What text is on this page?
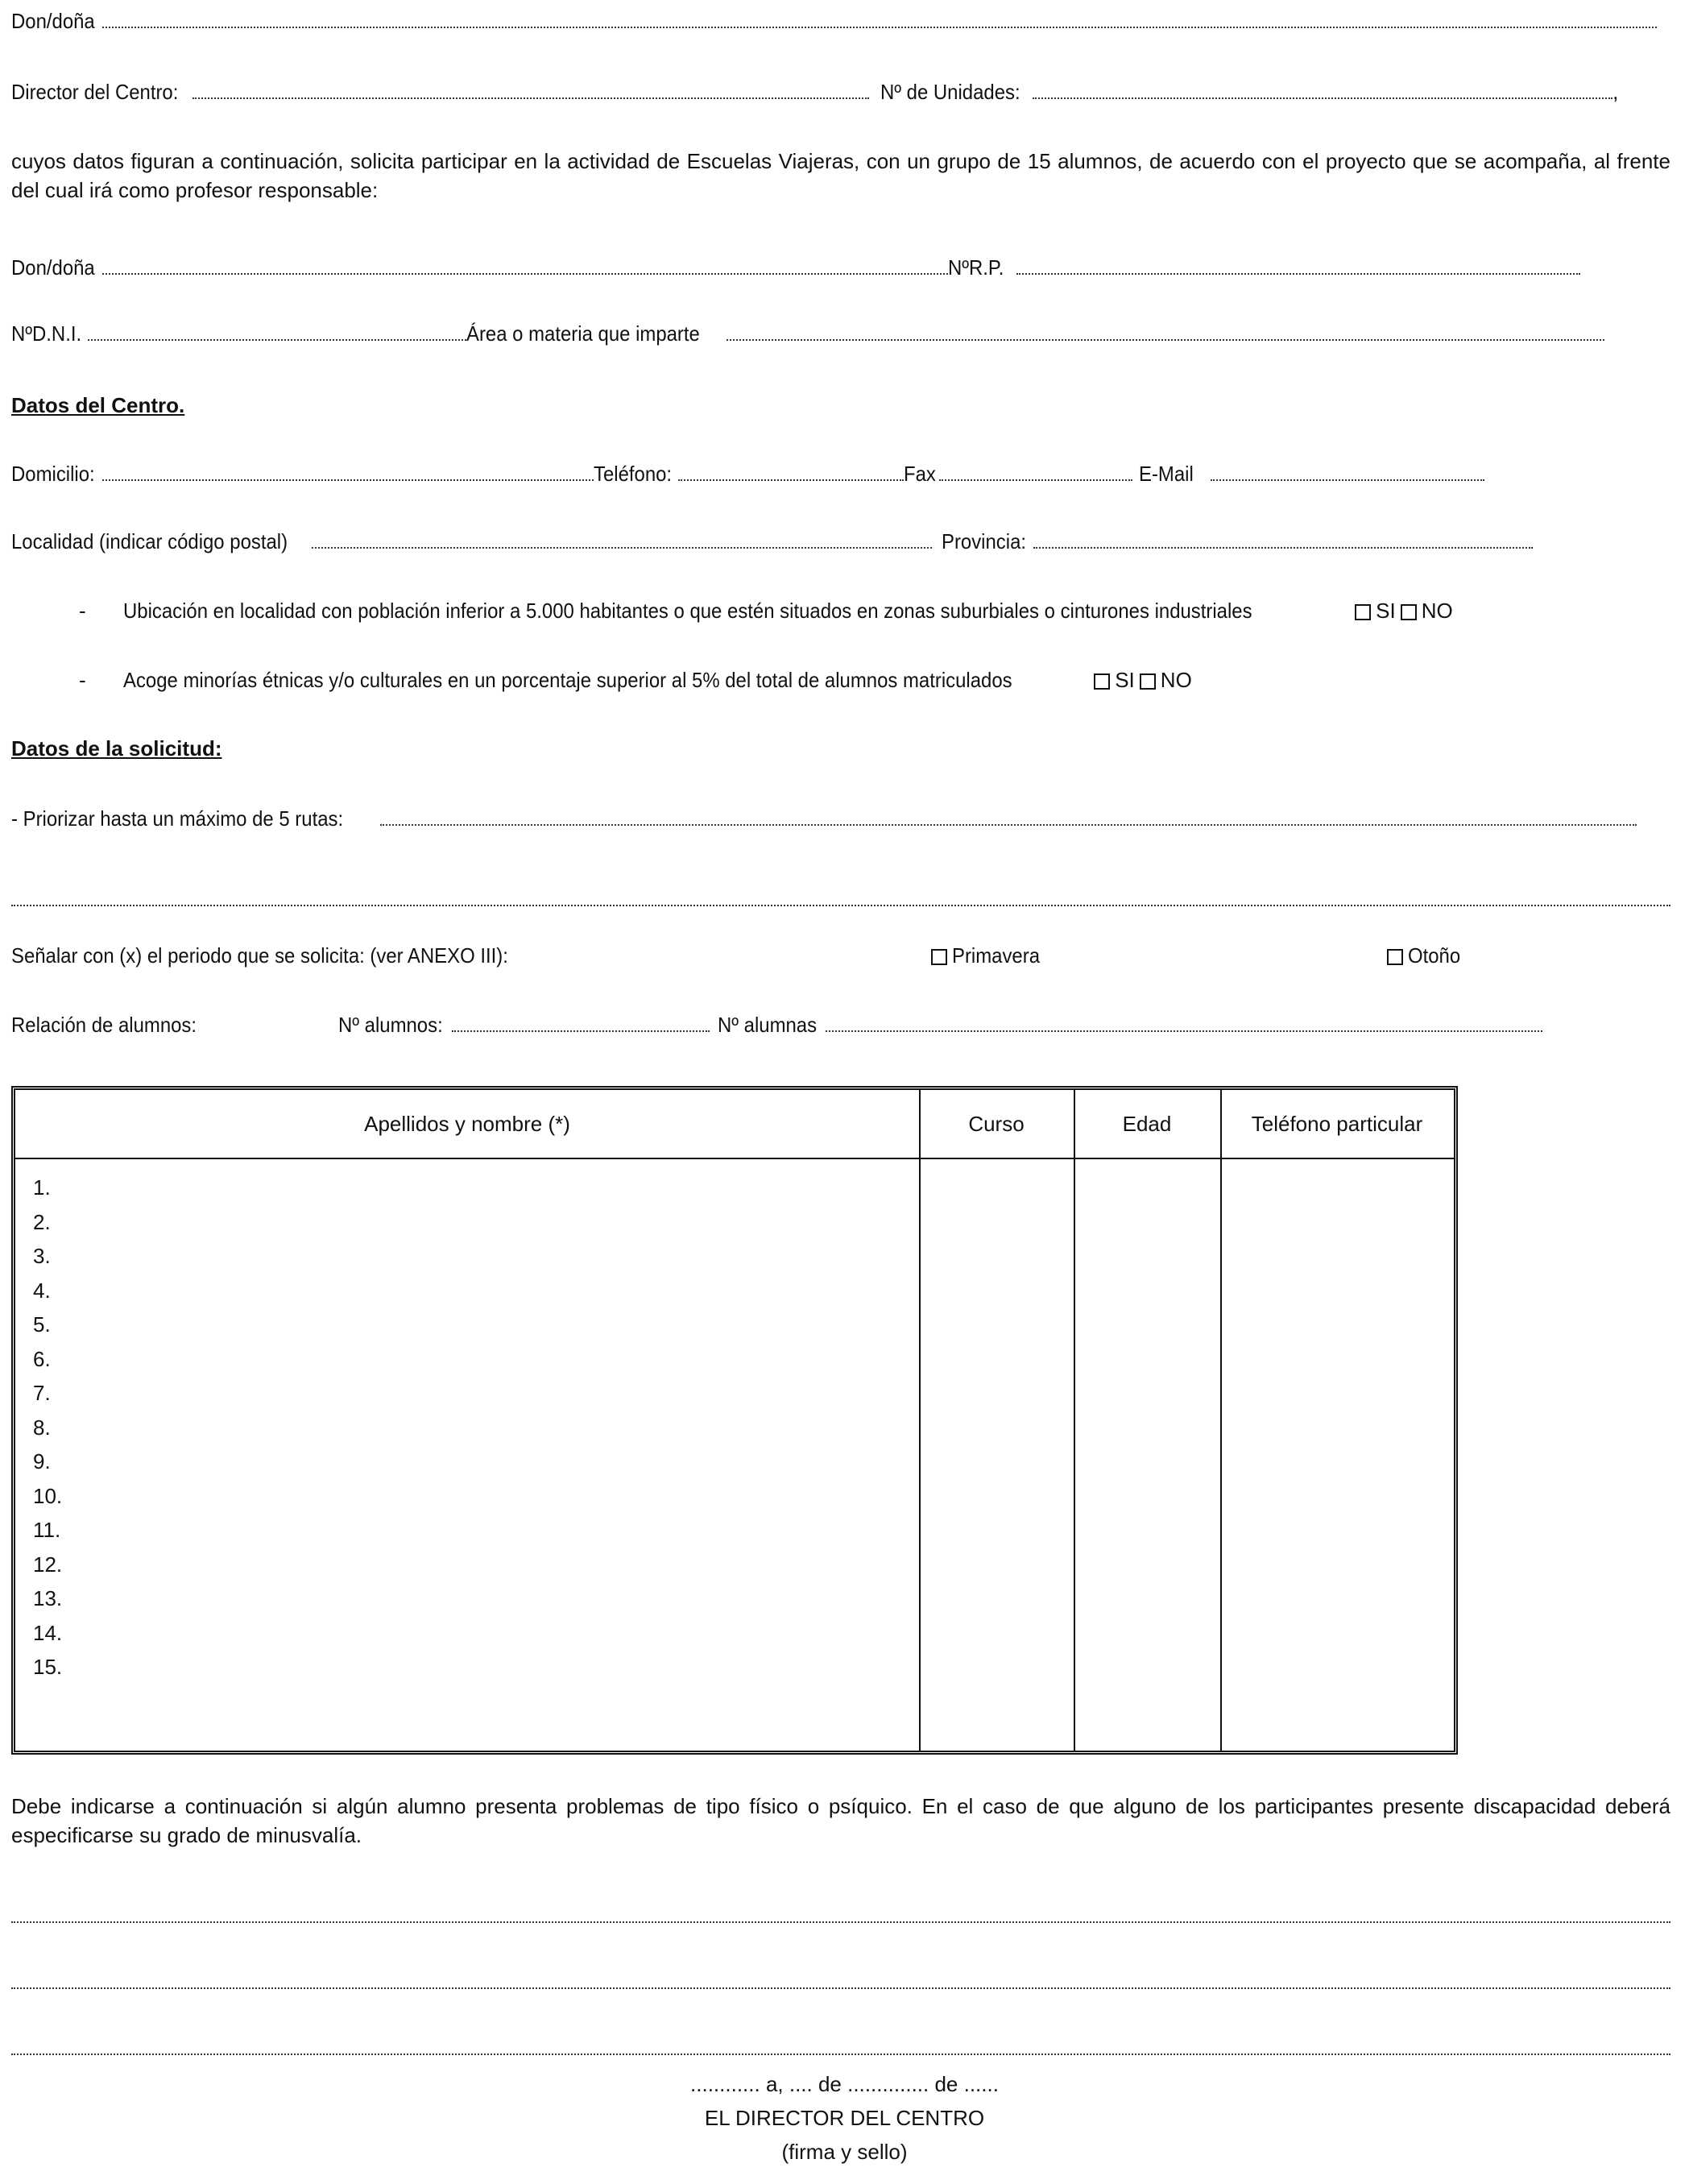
Don/doña
Director del Centro:	Nº de Unidades:	,
cuyos datos figuran a continuación, solicita participar en la actividad de Escuelas Viajeras, con un grupo de 15 alumnos, de acuerdo con el proyecto que se acompaña, al frente del cual irá como profesor responsable:
Don/doña	NºR.P.
NºD.N.I.	Área o materia que imparte
Datos del Centro.
Domicilio:	Teléfono:	Fax	E-Mail
Localidad (indicar código postal)	Provincia:
- Ubicación en localidad con población inferior a 5.000 habitantes o que estén situados en zonas suburbiales o cinturones industriales	SI NO
- Acoge minorías étnicas y/o culturales en un porcentaje superior al 5% del total de alumnos matriculados	SI NO
Datos de la solicitud:
- Priorizar hasta un máximo de 5 rutas:
Señalar con (x) el periodo que se solicita: (ver ANEXO III):	Primavera	Otoño
Relación de alumnos:	Nº alumnos:	Nº alumnas
Apellidos y nombre (*)	Curso	Edad	Teléfono particular
1.
2.
3.
4.
5.
6.
7.
8.
9.
10.
11.
12.
13.
14.
15.
Debe indicarse a continuación si algún alumno presenta problemas de tipo físico o psíquico. En el caso de que alguno de los participantes presente discapacidad deberá especificarse su grado de minusvalía.
............ a, .... de .............. de ......
EL DIRECTOR DEL CENTRO
(firma y sello)
